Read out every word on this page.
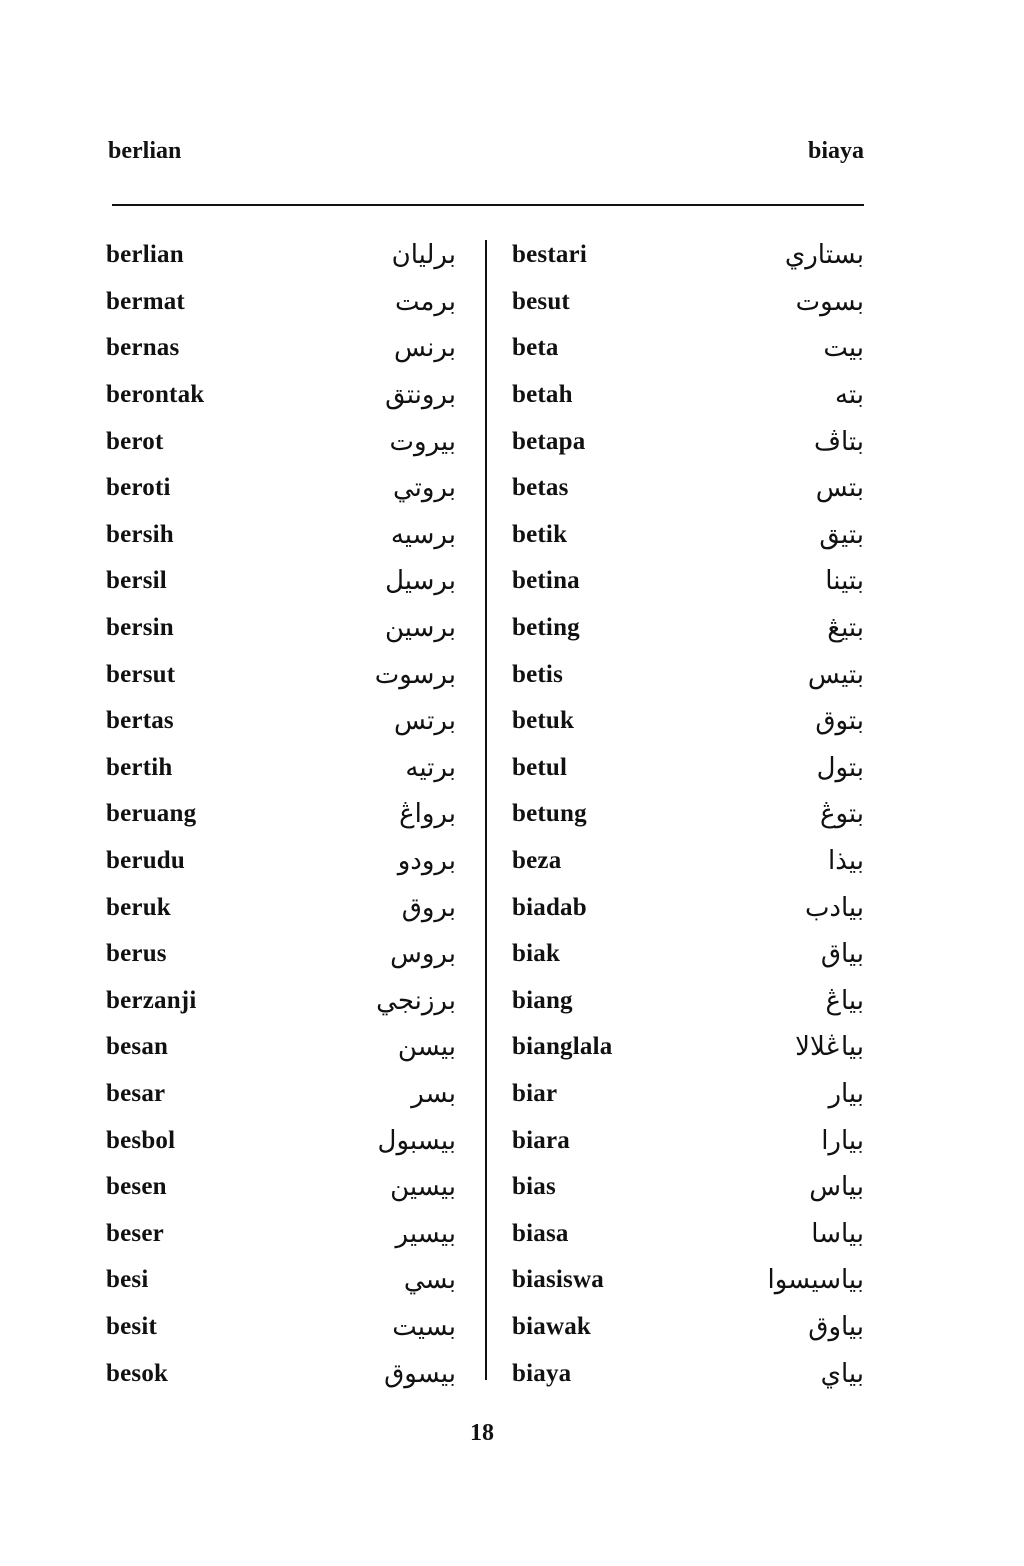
berlian	biaya
berlian	برليان
bermat	برمت
bernas	برنس
berontak	برونتق
berot	بيروت
beroti	بروتي
bersih	برسيه
bersil	برسيل
bersin	برسين
bersut	برسوت
bertas	برتس
bertih	برتيه
beruang	برواڠ
berudu	برودو
beruk	بروق
berus	بروس
berzanji	برزنجي
besan	بيسن
besar	بسر
besbol	بيسبول
besen	بيسين
beser	بيسير
besi	بسي
besit	بسيت
besok	بيسوق
bestari	بستاري
besut	بسوت
beta	بيت
betah	بته
betapa	بتاڤ
betas	بتس
betik	بتيق
betina	بتينا
beting	بتيڠ
betis	بتيس
betuk	بتوق
betul	بتول
betung	بتوڠ
beza	بيذا
biadab	بيادب
biak	بياق
biang	بياڠ
bianglala	بياڠلالا
biar	بيار
biara	بيارا
bias	بياس
biasa	بياسا
biasiswa	بياسيسوا
biawak	بياوق
biaya	بياي
18
